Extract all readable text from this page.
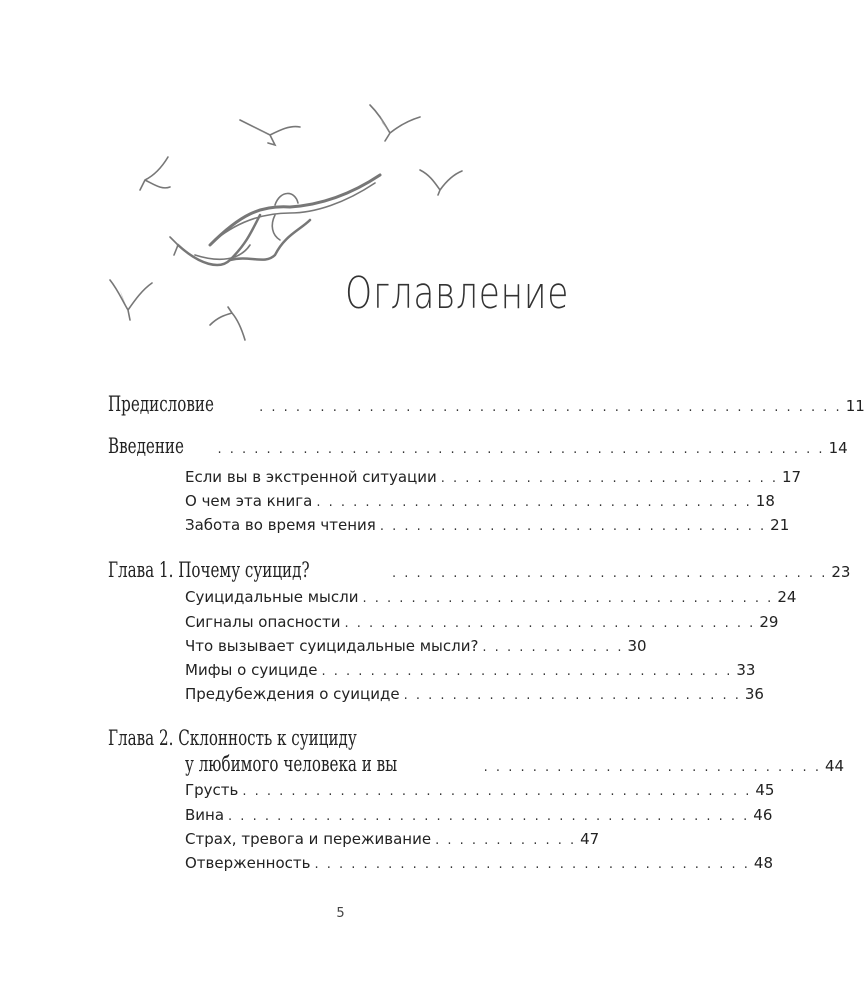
Оглавление
Предисловие	. . . . . . . . . . . . . . . . . . . . . . . . . . . . . . . . . . . . . . . . . . . . . . . . 11
Введение	. . . . . . . . . . . . . . . . . . . . . . . . . . . . . . . . . . . . . . . . . . . . . . . . . . 14
Если вы в экстренной ситуации . . . . . . . . . . . . . . . . . . . . . . . . . . . . 17
О чем эта книга . . . . . . . . . . . . . . . . . . . . . . . . . . . . . . . . . . . . 18
Забота во время чтения . . . . . . . . . . . . . . . . . . . . . . . . . . . . . . . . 21
Глава 1. Почему суицид?	. . . . . . . . . . . . . . . . . . . . . . . . . . . . . . . . . . . . 23
Суицидальные мысли . . . . . . . . . . . . . . . . . . . . . . . . . . . . . . . . . . 24
Сигналы опасности . . . . . . . . . . . . . . . . . . . . . . . . . . . . . . . . . . 29
Что вызывает суицидальные мысли? . . . . . . . . . . . . 30
Мифы о суициде . . . . . . . . . . . . . . . . . . . . . . . . . . . . . . . . . . 33
Предубеждения о суициде . . . . . . . . . . . . . . . . . . . . . . . . . . . . 36
Глава 2. Склонность к суициду
у любимого человека и вы	. . . . . . . . . . . . . . . . . . . . . . . . . . . . 44
Грусть . . . . . . . . . . . . . . . . . . . . . . . . . . . . . . . . . . . . . . . . . . 45
Вина . . . . . . . . . . . . . . . . . . . . . . . . . . . . . . . . . . . . . . . . . . . 46
Страх, тревога и переживание . . . . . . . . . . . . 47
Отверженность . . . . . . . . . . . . . . . . . . . . . . . . . . . . . . . . . . . . 48
5
